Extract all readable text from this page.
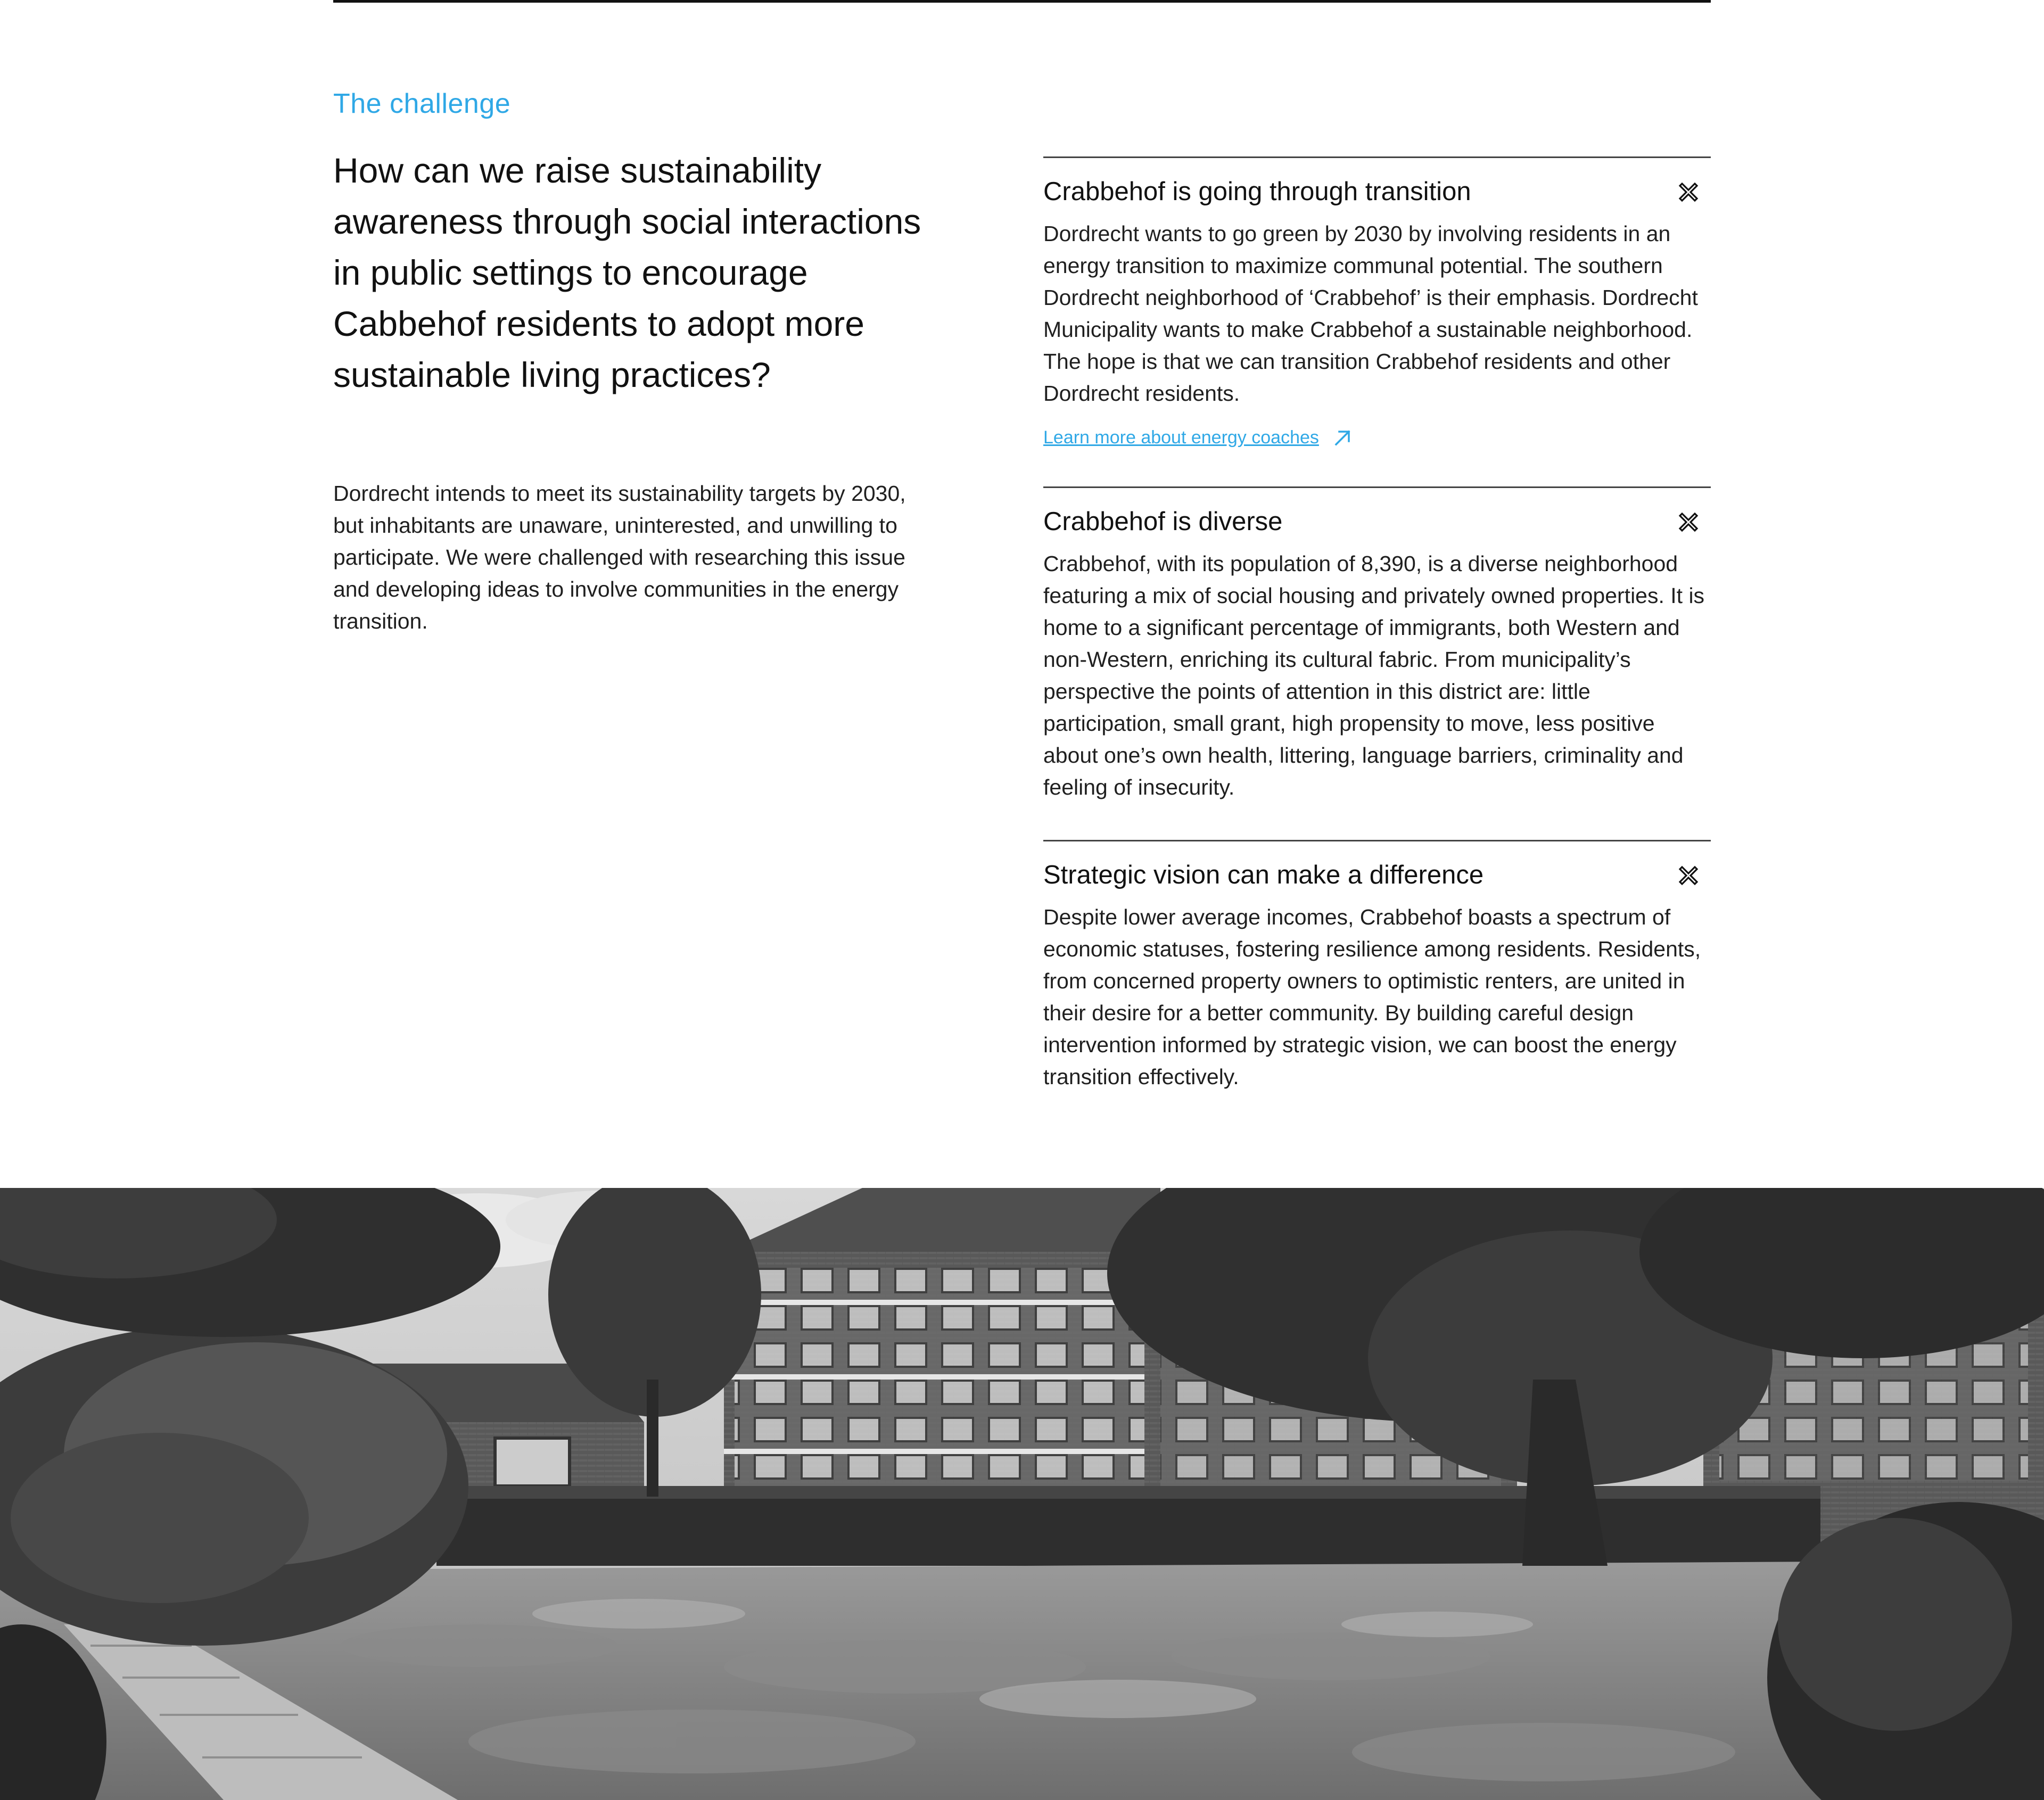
The challenge
How can we raise sustainability awareness through social interactions in public settings to encourage Cabbehof residents to adopt more sustainable living practices?

Dordrecht intends to meet its sustainability targets by 2030, but inhabitants are unaware, uninterested, and unwilling to participate. We were challenged with researching this issue and developing ideas to involve communities in the energy transition.

Crabbehof is going through transition

Dordrecht wants to go green by 2030 by involving residents in an energy transition to maximize communal potential. The southern Dordrecht neighborhood of ‘Crabbehof’ is their emphasis. Dordrecht Municipality wants to make Crabbehof a sustainable neighborhood. The hope is that we can transition Crabbehof residents and other Dordrecht residents.

Learn more about energy coaches
Crabbehof is diverse

Crabbehof, with its population of 8,390, is a diverse neighborhood featuring a mix of social housing and privately owned properties. It is home to a significant percentage of immigrants, both Western and non-Western, enriching its cultural fabric. From municipality’s perspective the points of attention in this district are: little participation, small grant, high propensity to move, less positive about one’s own health, littering, language barriers, criminality and feeling of insecurity.

Strategic vision can make a difference

Despite lower average incomes, Crabbehof boasts a spectrum of economic statuses, fostering resilience among residents. Residents, from concerned property owners to optimistic renters, are united in their desire for a better community. By building careful design intervention informed by strategic vision, we can boost the energy transition effectively.
